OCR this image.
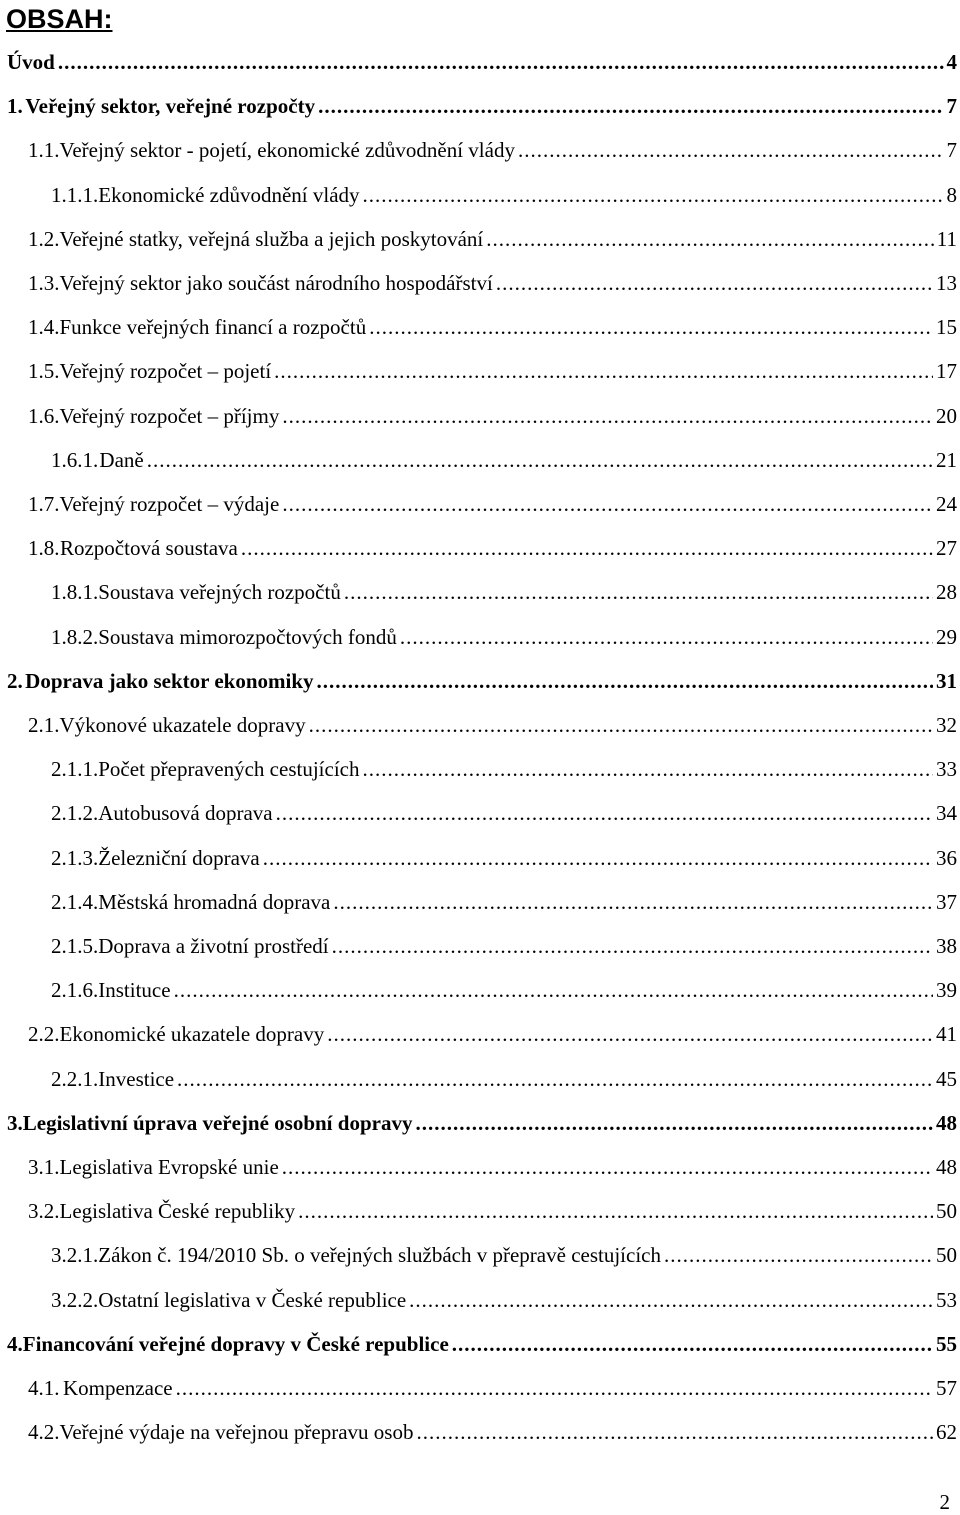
OBSAH:
Úvod .....	4
1. Veřejný sektor, veřejné rozpočty .....	7
1.1. Veřejný sektor - pojetí, ekonomické zdůvodnění vlády .....	7
1.1.1. Ekonomické zdůvodnění vlády .....	8
1.2. Veřejné statky, veřejná služba a jejich poskytování .....	11
1.3. Veřejný sektor jako součást národního hospodářství .....	13
1.4. Funkce veřejných financí a rozpočtů .....	15
1.5. Veřejný rozpočet – pojetí .....	17
1.6. Veřejný rozpočet – příjmy .....	20
1.6.1. Daně .....	21
1.7. Veřejný rozpočet – výdaje .....	24
1.8. Rozpočtová soustava .....	27
1.8.1. Soustava veřejných rozpočtů .....	28
1.8.2. Soustava mimorozpočtových fondů .....	29
2. Doprava jako sektor ekonomiky .....	31
2.1. Výkonové ukazatele dopravy .....	32
2.1.1. Počet přepravených cestujících .....	33
2.1.2. Autobusová doprava .....	34
2.1.3. Železniční doprava .....	36
2.1.4. Městská hromadná doprava .....	37
2.1.5. Doprava a životní prostředí .....	38
2.1.6. Instituce .....	39
2.2. Ekonomické ukazatele dopravy .....	41
2.2.1. Investice .....	45
3. Legislativní úprava veřejné osobní dopravy .....	48
3.1. Legislativa Evropské unie .....	48
3.2. Legislativa České republiky .....	50
3.2.1. Zákon č. 194/2010 Sb. o veřejných službách v přepravě cestujících .....	50
3.2.2. Ostatní legislativa v České republice .....	53
4. Financování veřejné dopravy v České republice .....	55
4.1. Kompenzace .....	57
4.2. Veřejné výdaje na veřejnou přepravu osob .....	62
2
